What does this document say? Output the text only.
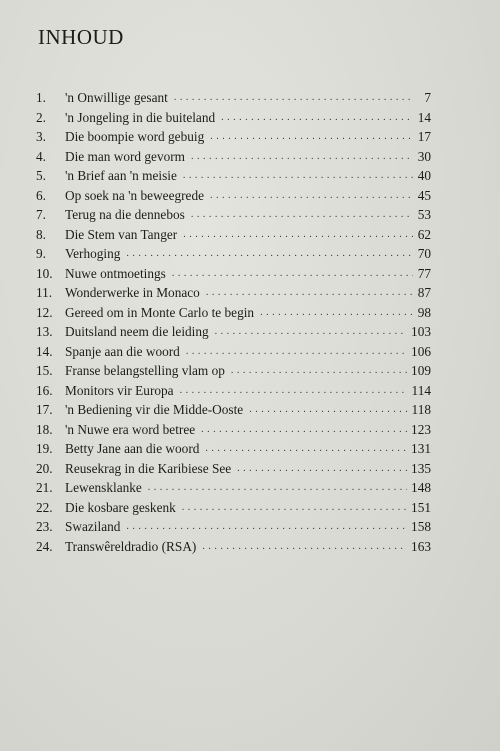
INHOUD
1.	'n Onwillige gesant . . .	7
2.	'n Jongeling in die buiteland . . .	14
3.	Die boompie word gebuig . . .	17
4.	Die man word gevorm . . .	30
5.	'n Brief aan 'n meisie . . .	40
6.	Op soek na 'n beweegrede . . .	45
7.	Terug na die dennebos . . .	53
8.	Die Stem van Tanger . . .	62
9.	Verhoging . . .	70
10. Nuwe ontmoetings . . .	77
11. Wonderwerke in Monaco . . .	87
12. Gereed om in Monte Carlo te begin . . .	98
13. Duitsland neem die leiding . . .	103
14. Spanje aan die woord . . .	106
15. Franse belangstelling vlam op . . .	109
16. Monitors vir Europa . . .	114
17. 'n Bediening vir die Midde-Ooste . . .	118
18. 'n Nuwe era word betree . . .	123
19. Betty Jane aan die woord . . .	131
20. Reusekrag in die Karibiese See . . .	135
21. Lewensklanke . . .	148
22. Die kosbare geskenk . . .	151
23. Swaziland . . .	158
24. Transwêreldradio (RSA) . . .	163
